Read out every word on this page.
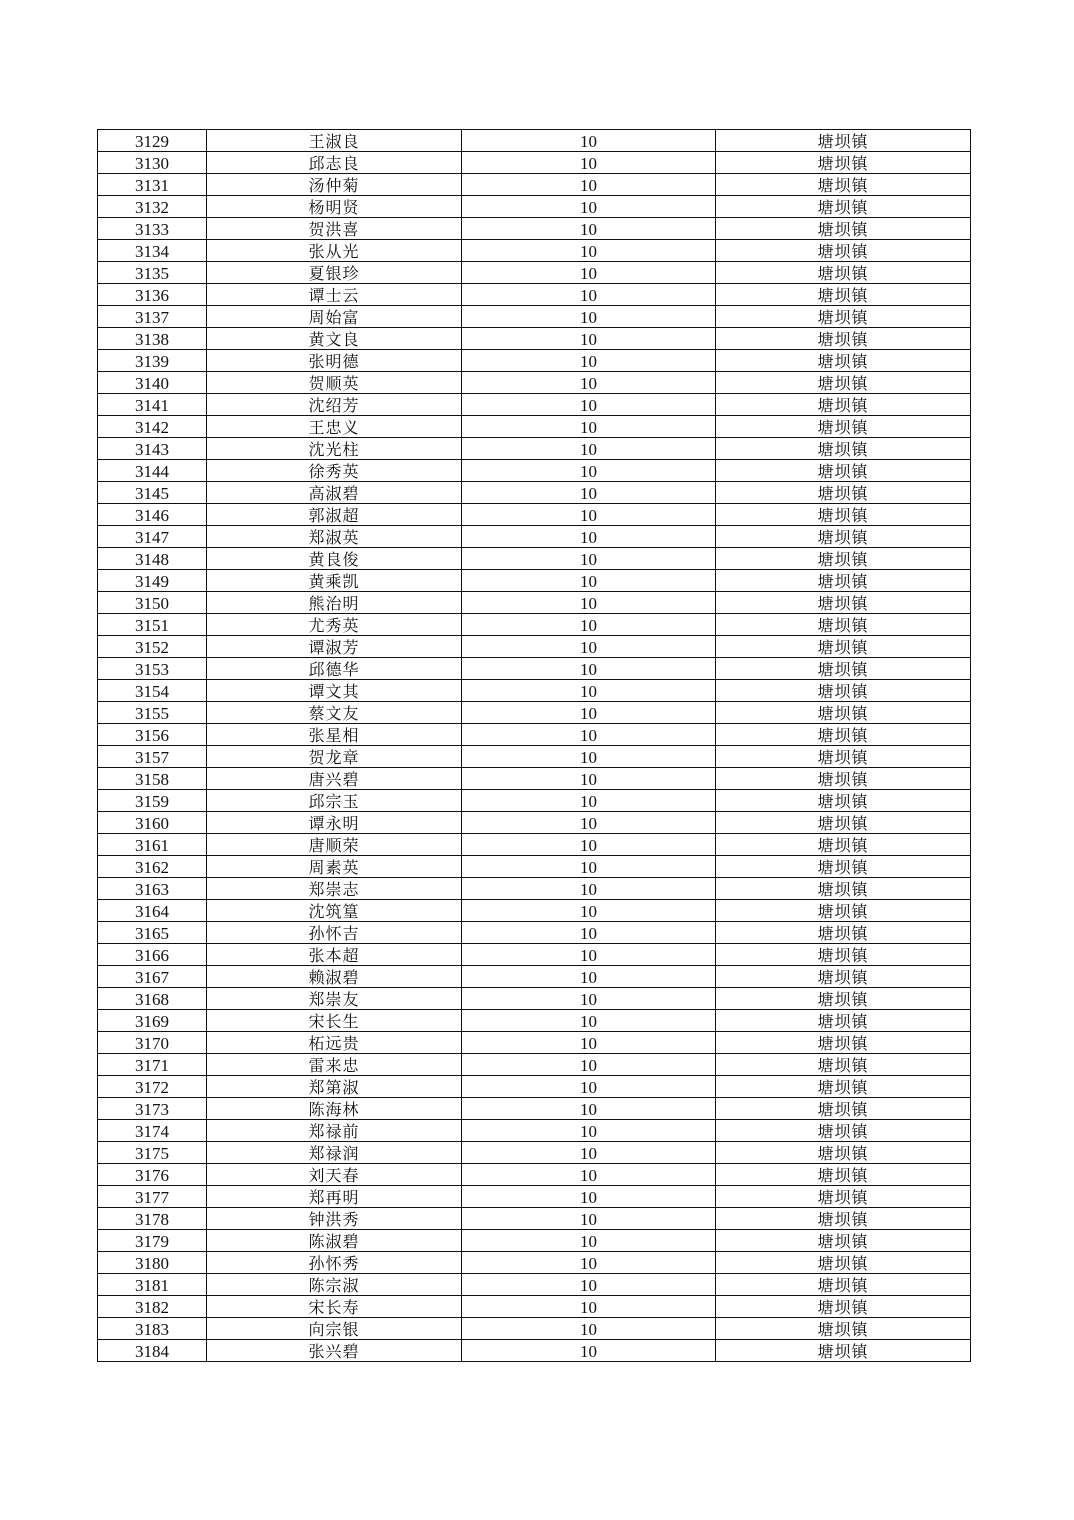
3129	王淑良	10	塘坝镇
3130	邱志良	10	塘坝镇
3131	汤仲菊	10	塘坝镇
3132	杨明贤	10	塘坝镇
3133	贺洪喜	10	塘坝镇
3134	张从光	10	塘坝镇
3135	夏银珍	10	塘坝镇
3136	谭士云	10	塘坝镇
3137	周始富	10	塘坝镇
3138	黄文良	10	塘坝镇
3139	张明德	10	塘坝镇
3140	贺顺英	10	塘坝镇
3141	沈绍芳	10	塘坝镇
3142	王忠义	10	塘坝镇
3143	沈光柱	10	塘坝镇
3144	徐秀英	10	塘坝镇
3145	高淑碧	10	塘坝镇
3146	郭淑超	10	塘坝镇
3147	郑淑英	10	塘坝镇
3148	黄良俊	10	塘坝镇
3149	黄乘凯	10	塘坝镇
3150	熊治明	10	塘坝镇
3151	尤秀英	10	塘坝镇
3152	谭淑芳	10	塘坝镇
3153	邱德华	10	塘坝镇
3154	谭文其	10	塘坝镇
3155	蔡文友	10	塘坝镇
3156	张星相	10	塘坝镇
3157	贺龙章	10	塘坝镇
3158	唐兴碧	10	塘坝镇
3159	邱宗玉	10	塘坝镇
3160	谭永明	10	塘坝镇
3161	唐顺荣	10	塘坝镇
3162	周素英	10	塘坝镇
3163	郑崇志	10	塘坝镇
3164	沈筑篁	10	塘坝镇
3165	孙怀吉	10	塘坝镇
3166	张本超	10	塘坝镇
3167	赖淑碧	10	塘坝镇
3168	郑崇友	10	塘坝镇
3169	宋长生	10	塘坝镇
3170	柘远贵	10	塘坝镇
3171	雷来忠	10	塘坝镇
3172	郑第淑	10	塘坝镇
3173	陈海林	10	塘坝镇
3174	郑禄前	10	塘坝镇
3175	郑禄润	10	塘坝镇
3176	刘天春	10	塘坝镇
3177	郑再明	10	塘坝镇
3178	钟洪秀	10	塘坝镇
3179	陈淑碧	10	塘坝镇
3180	孙怀秀	10	塘坝镇
3181	陈宗淑	10	塘坝镇
3182	宋长寿	10	塘坝镇
3183	向宗银	10	塘坝镇
3184	张兴碧	10	塘坝镇
